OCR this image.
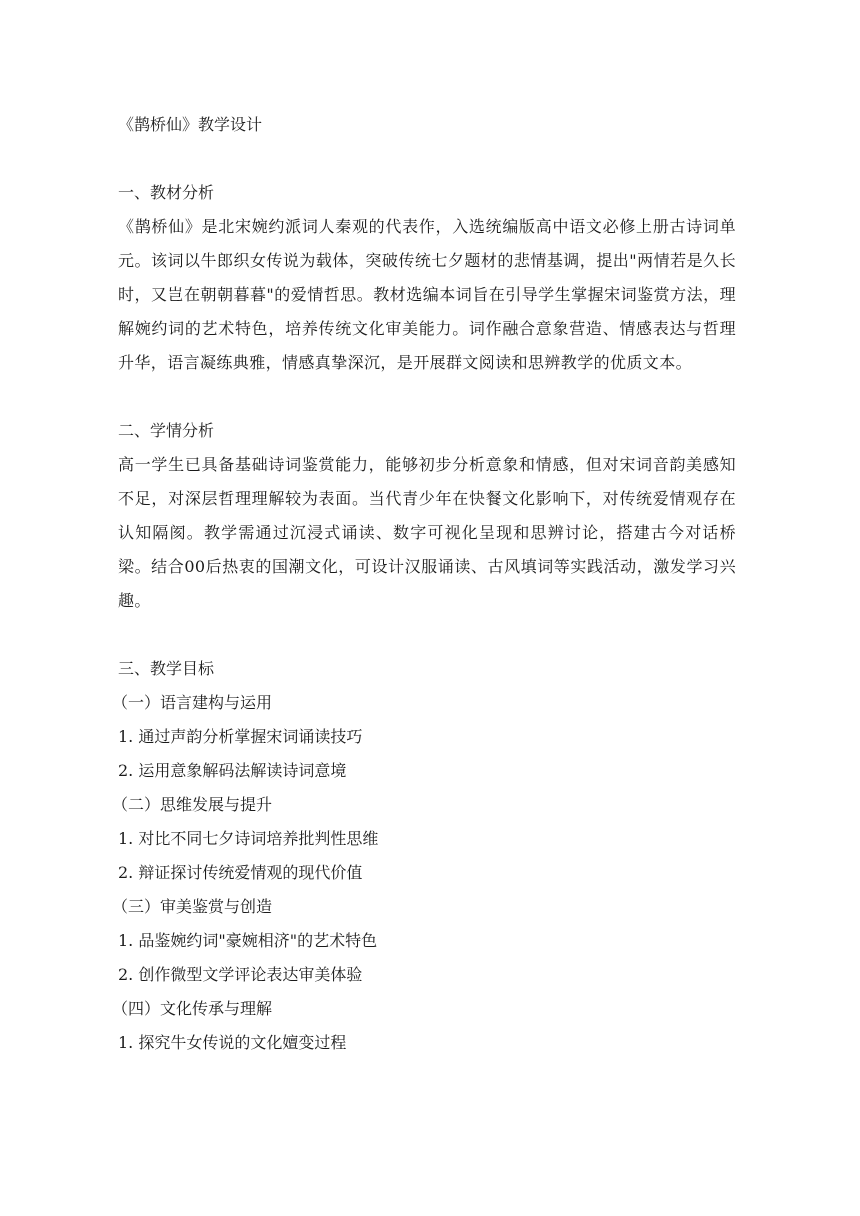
《鹊桥仙》教学设计

一、教材分析

《鹊桥仙》是北宋婉约派词人秦观的代表作，入选统编版高中语文必修上册古诗词单元。该词以牛郎织女传说为载体，突破传统七夕题材的悲情基调，提出"两情若是久长时，又岂在朝朝暮暮"的爱情哲思。教材选编本词旨在引导学生掌握宋词鉴赏方法，理解婉约词的艺术特色，培养传统文化审美能力。词作融合意象营造、情感表达与哲理升华，语言凝练典雅，情感真挚深沉，是开展群文阅读和思辨教学的优质文本。

二、学情分析

高一学生已具备基础诗词鉴赏能力，能够初步分析意象和情感，但对宋词音韵美感知不足，对深层哲理理解较为表面。当代青少年在快餐文化影响下，对传统爱情观存在认知隔阂。教学需通过沉浸式诵读、数字可视化呈现和思辨讨论，搭建古今对话桥梁。结合00后热衷的国潮文化，可设计汉服诵读、古风填词等实践活动，激发学习兴趣。

三、教学目标

（一）语言建构与运用

1. 通过声韵分析掌握宋词诵读技巧

2. 运用意象解码法解读诗词意境

（二）思维发展与提升

1. 对比不同七夕诗词培养批判性思维

2. 辩证探讨传统爱情观的现代价值

（三）审美鉴赏与创造

1. 品鉴婉约词"豪婉相济"的艺术特色

2. 创作微型文学评论表达审美体验

（四）文化传承与理解

1. 探究牛女传说的文化嬗变过程
